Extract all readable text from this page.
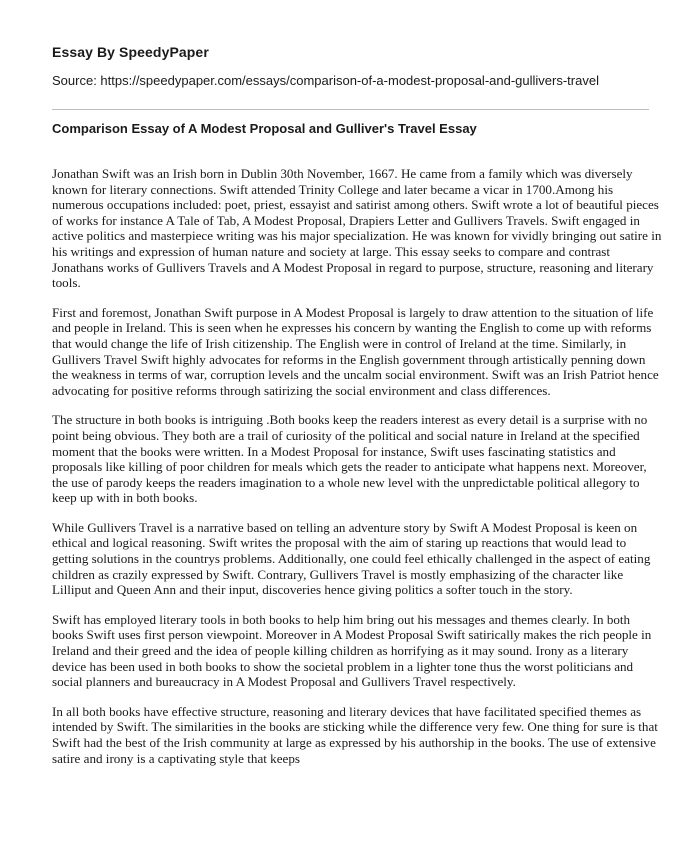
Essay By SpeedyPaper
Source: https://speedypaper.com/essays/comparison-of-a-modest-proposal-and-gullivers-travel
Comparison Essay of A Modest Proposal and Gulliver's Travel Essay

Jonathan Swift was an Irish born in Dublin 30th November, 1667. He came from a family which was diversely known for literary connections. Swift attended Trinity College and later became a vicar in 1700.Among his numerous occupations included: poet, priest, essayist and satirist among others. Swift wrote a lot of beautiful pieces of works for instance A Tale of Tab, A Modest Proposal, Drapiers Letter and Gullivers Travels. Swift engaged in active politics and masterpiece writing was his major specialization. He was known for vividly bringing out satire in his writings and expression of human nature and society at large. This essay seeks to compare and contrast Jonathans works of Gullivers Travels and A Modest Proposal in regard to purpose, structure, reasoning and literary tools.

First and foremost, Jonathan Swift purpose in A Modest Proposal is largely to draw attention to the situation of life and people in Ireland. This is seen when he expresses his concern by wanting the English to come up with reforms that would change the life of Irish citizenship. The English were in control of Ireland at the time. Similarly, in Gullivers Travel Swift highly advocates for reforms in the English government through artistically penning down the weakness in terms of war, corruption levels and the uncalm social environment. Swift was an Irish Patriot hence advocating for positive reforms through satirizing the social environment and class differences.

The structure in both books is intriguing .Both books keep the readers interest as every detail is a surprise with no point being obvious. They both are a trail of curiosity of the political and social nature in Ireland at the specified moment that the books were written. In a Modest Proposal for instance, Swift uses fascinating statistics and proposals like killing of poor children for meals which gets the reader to anticipate what happens next. Moreover, the use of parody keeps the readers imagination to a whole new level with the unpredictable political allegory to keep up with in both books.

While Gullivers Travel is a narrative based on telling an adventure story by Swift A Modest Proposal is keen on ethical and logical reasoning. Swift writes the proposal with the aim of staring up reactions that would lead to getting solutions in the countrys problems. Additionally, one could feel ethically challenged in the aspect of eating children as crazily expressed by Swift. Contrary, Gullivers Travel is mostly emphasizing of the character like Lilliput and Queen Ann and their input, discoveries hence giving politics a softer touch in the story.

Swift has employed literary tools in both books to help him bring out his messages and themes clearly. In both books Swift uses first person viewpoint. Moreover in A Modest Proposal Swift satirically makes the rich people in Ireland and their greed and the idea of people killing children as horrifying as it may sound. Irony as a literary device has been used in both books to show the societal problem in a lighter tone thus the worst politicians and social planners and bureaucracy in A Modest Proposal and Gullivers Travel respectively.

In all both books have effective structure, reasoning and literary devices that have facilitated specified themes as intended by Swift. The similarities in the books are sticking while the difference very few. One thing for sure is that Swift had the best of the Irish community at large as expressed by his authorship in the books. The use of extensive satire and irony is a captivating style that keeps
